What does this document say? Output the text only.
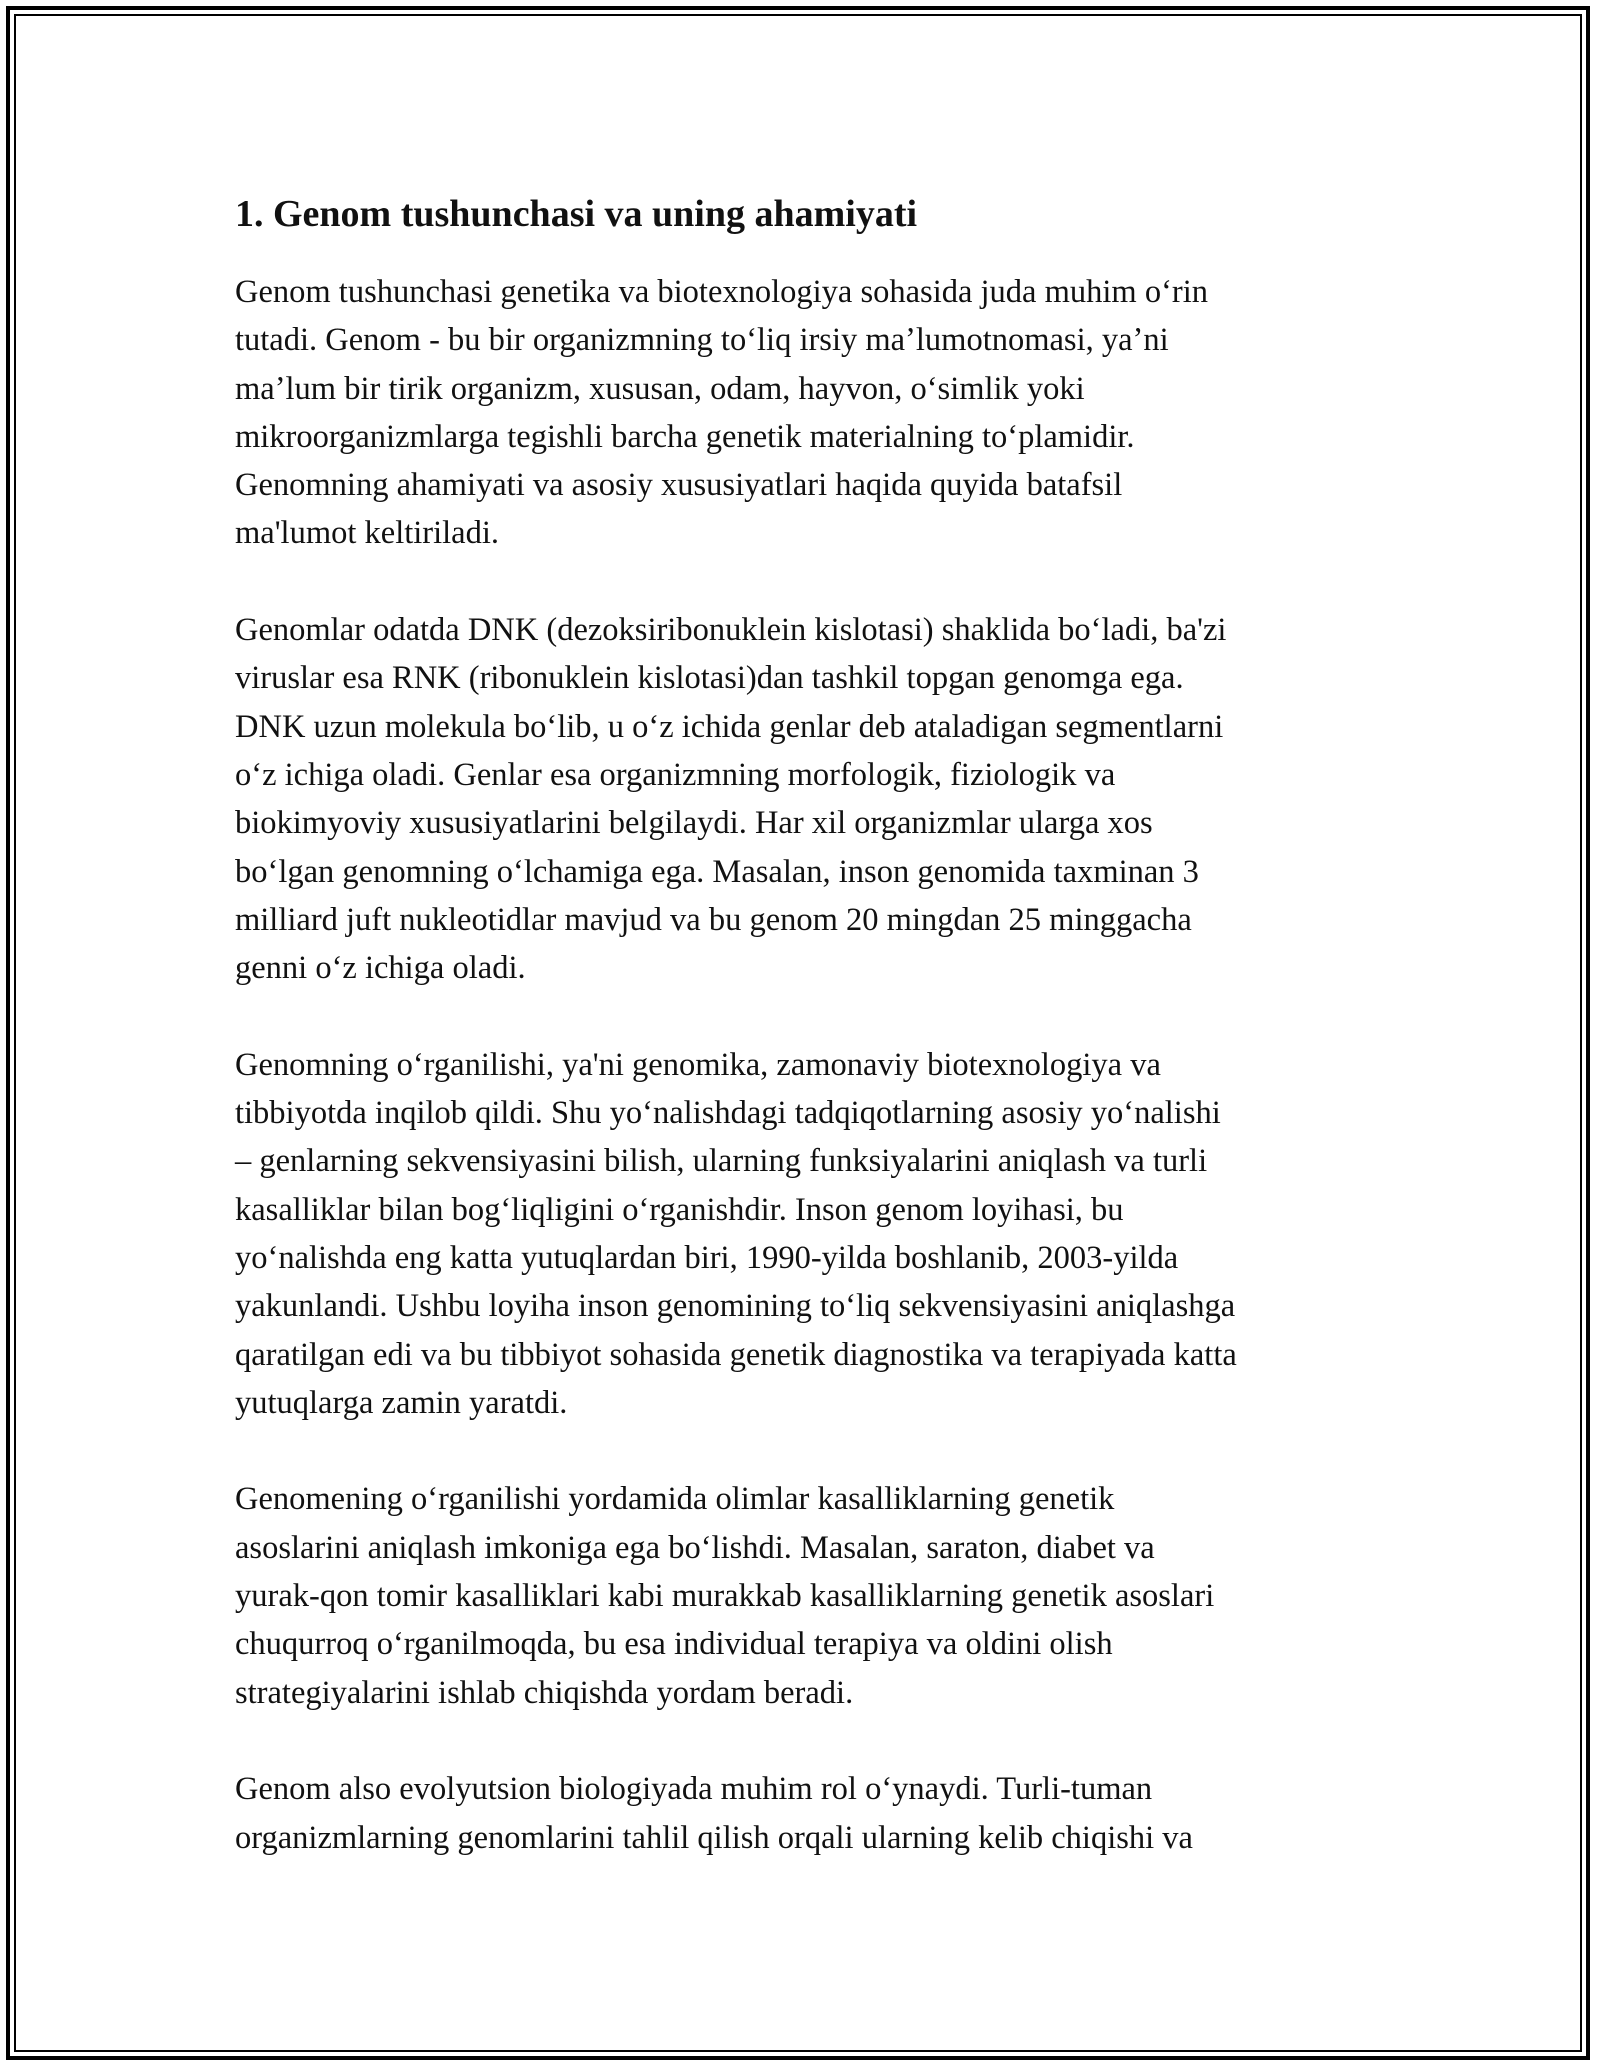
1. Genom tushunchasi va uning ahamiyati
Genom tushunchasi genetika va biotexnologiya sohasida juda muhim oʻrin
tutadi. Genom - bu bir organizmning toʻliq irsiy maʼlumotnomasi, yaʼni
maʼlum bir tirik organizm, xususan, odam, hayvon, oʻsimlik yoki
mikroorganizmlarga tegishli barcha genetik materialning toʻplamidir.
Genomning ahamiyati va asosiy xususiyatlari haqida quyida batafsil
ma'lumot keltiriladi.
Genomlar odatda DNK (dezoksiribonuklein kislotasi) shaklida boʻladi, ba'zi
viruslar esa RNK (ribonuklein kislotasi)dan tashkil topgan genomga ega.
DNK uzun molekula boʻlib, u oʻz ichida genlar deb ataladigan segmentlarni
oʻz ichiga oladi. Genlar esa organizmning morfologik, fiziologik va
biokimyoviy xususiyatlarini belgilaydi. Har xil organizmlar ularga xos
boʻlgan genomning oʻlchamiga ega. Masalan, inson genomida taxminan 3
milliard juft nukleotidlar mavjud va bu genom 20 mingdan 25 minggacha
genni oʻz ichiga oladi.
Genomning oʻrganilishi, ya'ni genomika, zamonaviy biotexnologiya va
tibbiyotda inqilob qildi. Shu yoʻnalishdagi tadqiqotlarning asosiy yoʻnalishi
– genlarning sekvensiyasini bilish, ularning funksiyalarini aniqlash va turli
kasalliklar bilan bogʻliqligini oʻrganishdir. Inson genom loyihasi, bu
yoʻnalishda eng katta yutuqlardan biri, 1990-yilda boshlanib, 2003-yilda
yakunlandi. Ushbu loyiha inson genomining toʻliq sekvensiyasini aniqlashga
qaratilgan edi va bu tibbiyot sohasida genetik diagnostika va terapiyada katta
yutuqlarga zamin yaratdi.
Genomening oʻrganilishi yordamida olimlar kasalliklarning genetik
asoslarini aniqlash imkoniga ega boʻlishdi. Masalan, saraton, diabet va
yurak-qon tomir kasalliklari kabi murakkab kasalliklarning genetik asoslari
chuqurroq oʻrganilmoqda, bu esa individual terapiya va oldini olish
strategiyalarini ishlab chiqishda yordam beradi.
Genom also evolyutsion biologiyada muhim rol oʻynaydi. Turli-tuman
organizmlarning genomlarini tahlil qilish orqali ularning kelib chiqishi va
